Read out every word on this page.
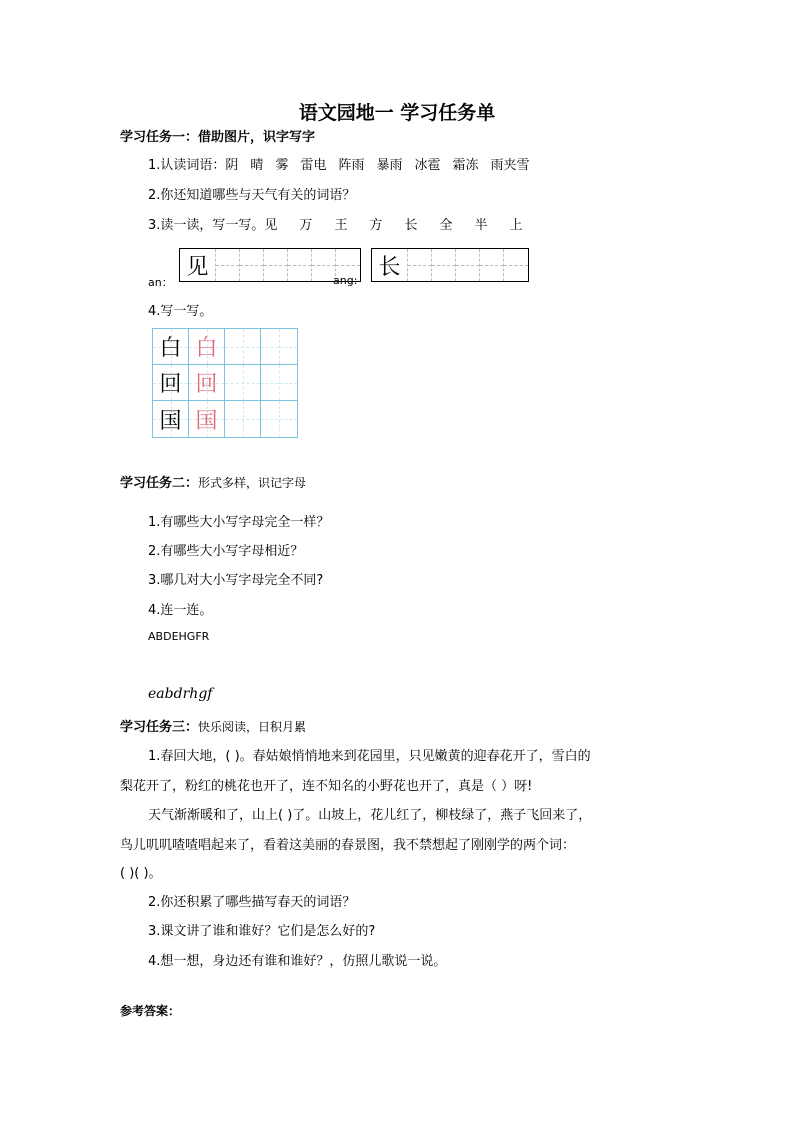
语文园地一 学习任务单
学习任务一：借助图片，识字写字
1.认读词语：阴 晴 雾 雷电 阵雨 暴雨 冰雹 霜冻 雨夹雪
2.你还知道哪些与天气有关的词语？
3.读一读，写一写。见 万 王 方 长 全 半 上
an：
见
ang:
长
4.写一写。
白 白
回 回
国 国
学习任务二：形式多样，识记字母
1.有哪些大小写字母完全一样？
2.有哪些大小写字母相近？
3.哪几对大小写字母完全不同?
4.连一连。
ABDEHGFR
eabdrhgf
学习任务三：快乐阅读，日积月累
1.春回大地，( )。春姑娘悄悄地来到花园里，只见嫩黄的迎春花开了，雪白的
梨花开了，粉红的桃花也开了，连不知名的小野花也开了，真是（ ）呀!
天气渐渐暖和了，山上( )了。山坡上，花儿红了，柳枝绿了，燕子飞回来了，
鸟儿叽叽喳喳唱起来了，看着这美丽的春景图，我不禁想起了刚刚学的两个词：
( )( )。
2.你还积累了哪些描写春天的词语？
3.课文讲了谁和谁好？它们是怎么好的?
4.想一想，身边还有谁和谁好？，仿照儿歌说一说。
参考答案：
